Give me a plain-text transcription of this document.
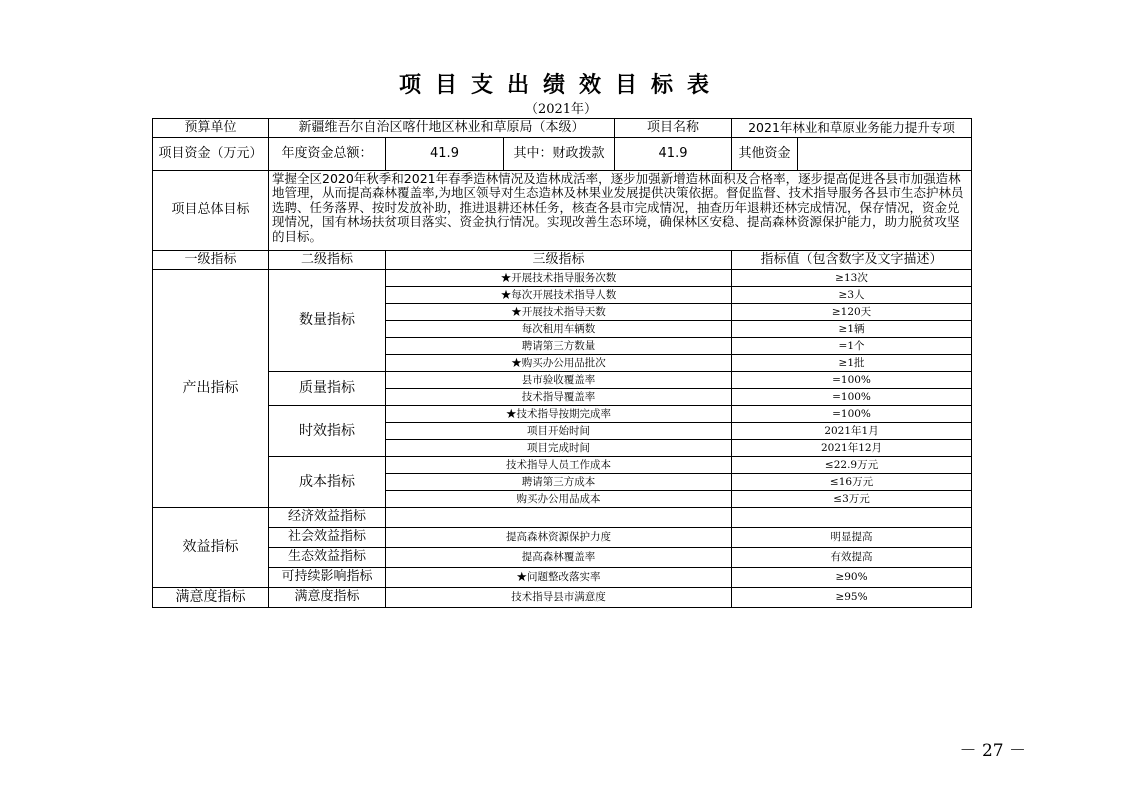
项目支出绩效目标表
（2021年）
预算单位	新疆维吾尔自治区喀什地区林业和草原局（本级）			项目名称	2021年林业和草原业务能力提升专项	
项目资金（万元）	年度资金总额：	41.9	其中：财政拨款	41.9	其他资金	
项目总体目标	掌握全区2020年秋季和2021年春季造林情况及造林成活率，逐步加强新增造林面积及合格率，逐步提高促进各县市加强造林地管理，从而提高森林覆盖率,为地区领导对生态造林及林果业发展提供决策依据。督促监督、技术指导服务各县市生态护林员选聘、任务落界、按时发放补助，推进退耕还林任务，核查各县市完成情况，抽查历年退耕还林完成情况，保存情况，资金兑现情况，国有林场扶贫项目落实、资金执行情况。实现改善生态环境，确保林区安稳、提高森林资源保护能力，助力脱贫攻坚的目标。					
一级指标	二级指标	三级指标			指标值（包含数字及文字描述）	
产出指标	数量指标	★开展技术指导服务次数			≥13次	
		★每次开展技术指导人数			≥3人	
		★开展技术指导天数			≥120天	
		每次租用车辆数			≥1辆	
		聘请第三方数量			=1个	
		★购买办公用品批次			≥1批	
	质量指标	县市验收覆盖率			=100%	
		技术指导覆盖率			=100%	
	时效指标	★技术指导按期完成率			=100%	
		项目开始时间			2021年1月	
		项目完成时间			2021年12月	
	成本指标	技术指导人员工作成本			≤22.9万元	
		聘请第三方成本			≤16万元	
		购买办公用品成本			≤3万元	
效益指标	经济效益指标					
	社会效益指标	提高森林资源保护力度			明显提高	
	生态效益指标	提高森林覆盖率			有效提高	
	可持续影响指标	★问题整改落实率			≥90%	
满意度指标	满意度指标	技术指导县市满意度			≥95%	
－ 27 －
